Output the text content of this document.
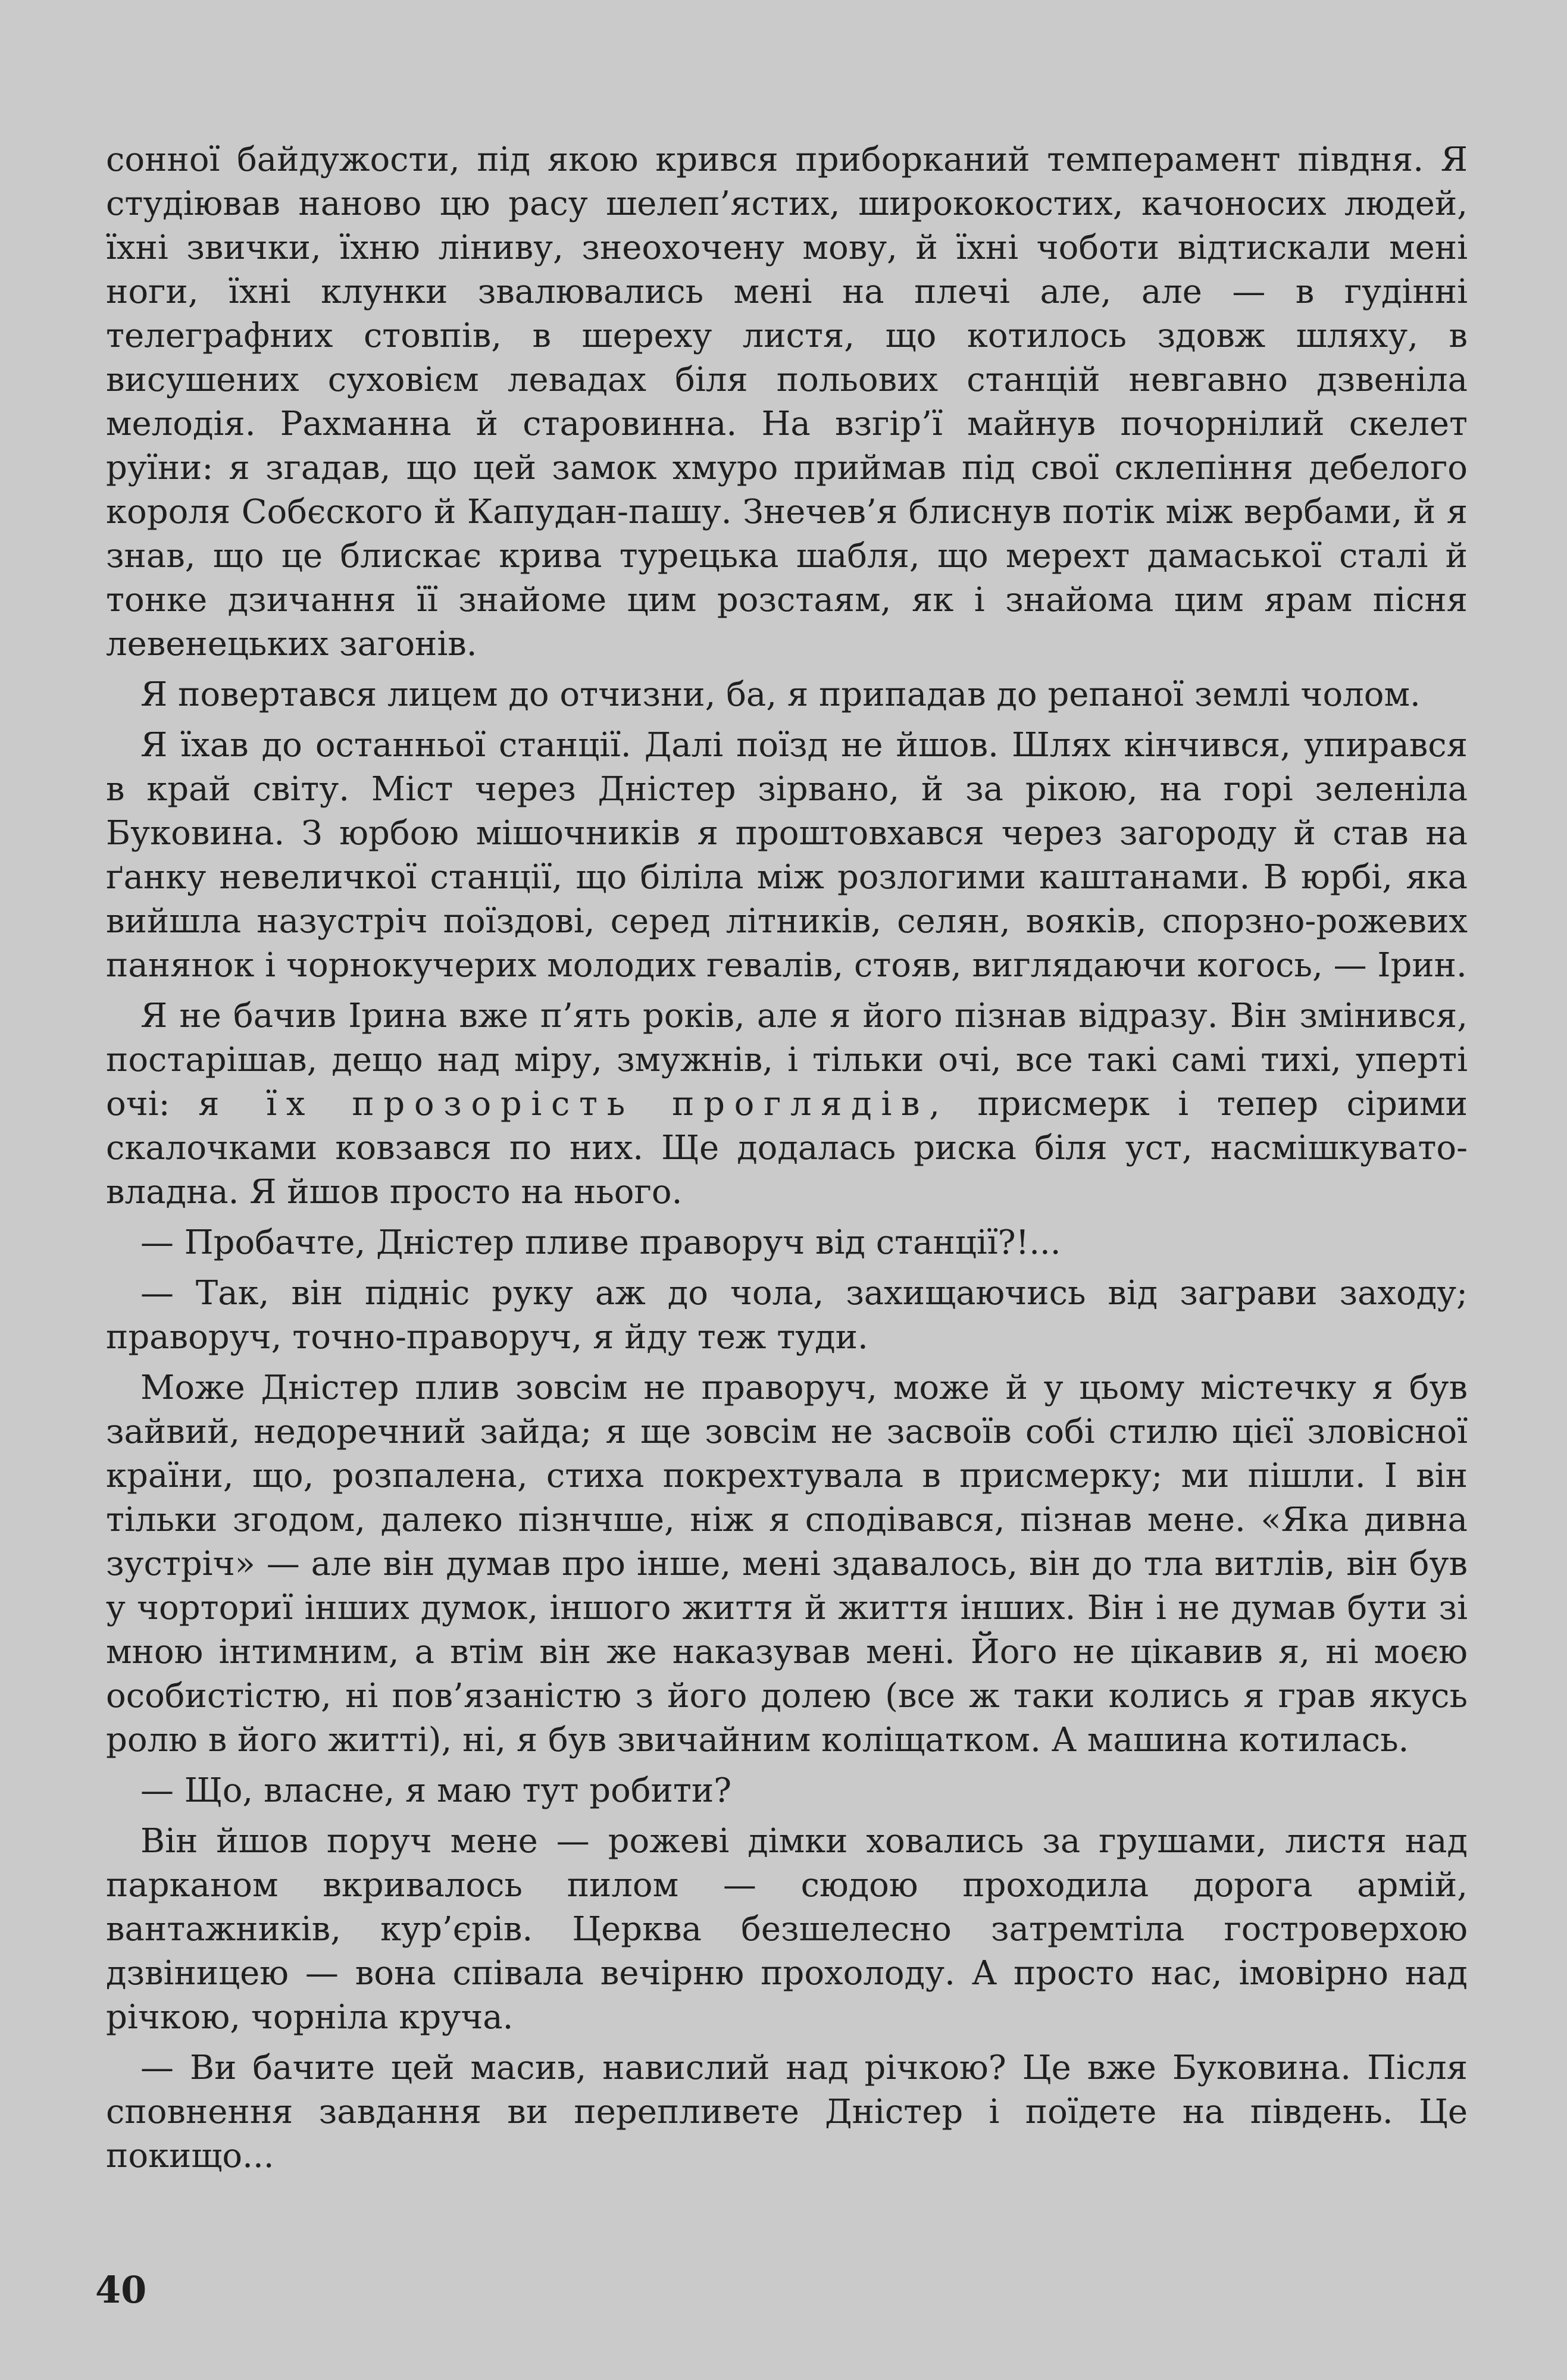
сонної байдужости, під якою крився приборканий темперамент півдня. Я студіював наново цю расу шелеп’ястих, ширококостих, качоносих людей, їхні звички, їхню ліниву, знеохочену мову, й їхні чоботи відтискали мені ноги, їхні клунки звалювались мені на плечі але, але — в гудінні телеграфних стовпів, в шереху листя, що котилось здовж шляху, в висушених суховієм левадах біля польових станцій невгавно дзвеніла мелодія. Рахманна й старовинна. На взгір’ї майнув почорнілий скелет руїни: я згадав, що цей замок хмуро приймав під свої склепіння дебелого короля Собєского й Капудан-пашу. Знечев’я блиснув потік між вербами, й я знав, що це блискає крива турецька шабля, що мерехт дамаської сталі й тонке дзичання її знайоме цим розстаям, як і знайома цим ярам пісня левенецьких загонів.

Я повертався лицем до отчизни, ба, я припадав до репаної землі чолом.

Я їхав до останньої станції. Далі поїзд не йшов. Шлях кінчився, упирався в край світу. Міст через Дністер зірвано, й за рікою, на горі зеленіла Буковина. З юрбою мішочників я проштовхався через загороду й став на ґанку невеличкої станції, що біліла між розлогими каштанами. В юрбі, яка вийшла назустріч поїздові, серед літників, селян, вояків, спорзно-рожевих панянок і чорнокучерих молодих гевалів, стояв, виглядаючи когось, — Ірин.

Я не бачив Ірина вже п’ять років, але я його пізнав відразу. Він змінився, постарішав, дещо над міру, змужнів, і тільки очі, все такі самі тихі, уперті очі: я їх прозорість проглядів, присмерк і тепер сірими скалочками ковзався по них. Ще додалась риска біля уст, насмішкувато-владна. Я йшов просто на нього.

— Пробачте, Дністер пливе праворуч від станції?!...

— Так, він підніс руку аж до чола, захищаючись від заграви заходу; праворуч, точно-праворуч, я йду теж туди.

Може Дністер плив зовсім не праворуч, може й у цьому містечку я був зайвий, недоречний зайда; я ще зовсім не засвоїв собі стилю цієї зловісної країни, що, розпалена, стиха покрехтувала в присмерку; ми пішли. І він тільки згодом, далеко пізнчше, ніж я сподівався, пізнав мене. «Яка дивна зустріч» — але він думав про інше, мені здавалось, він до тла витлів, він був у чорториї інших думок, іншого життя й життя інших. Він і не думав бути зі мною інтимним, а втім він же наказував мені. Його не цікавив я, ні моєю особистістю, ні пов’язаністю з його долею (все ж таки колись я грав якусь ролю в його житті), ні, я був звичайним коліщатком. А машина котилась.

— Що, власне, я маю тут робити?

Він йшов поруч мене — рожеві дімки ховались за грушами, листя над парканом вкривалось пилом — сюдою проходила дорога армій, вантажників, кур’єрів. Церква безшелесно затремтіла гостроверхою дзвіницею — вона співала вечірню прохолоду. А просто нас, імовірно над річкою, чорніла круча.

— Ви бачите цей масив, навислий над річкою? Це вже Буковина. Після сповнення завдання ви перепливете Дністер і поїдете на південь. Це покищо...

40
